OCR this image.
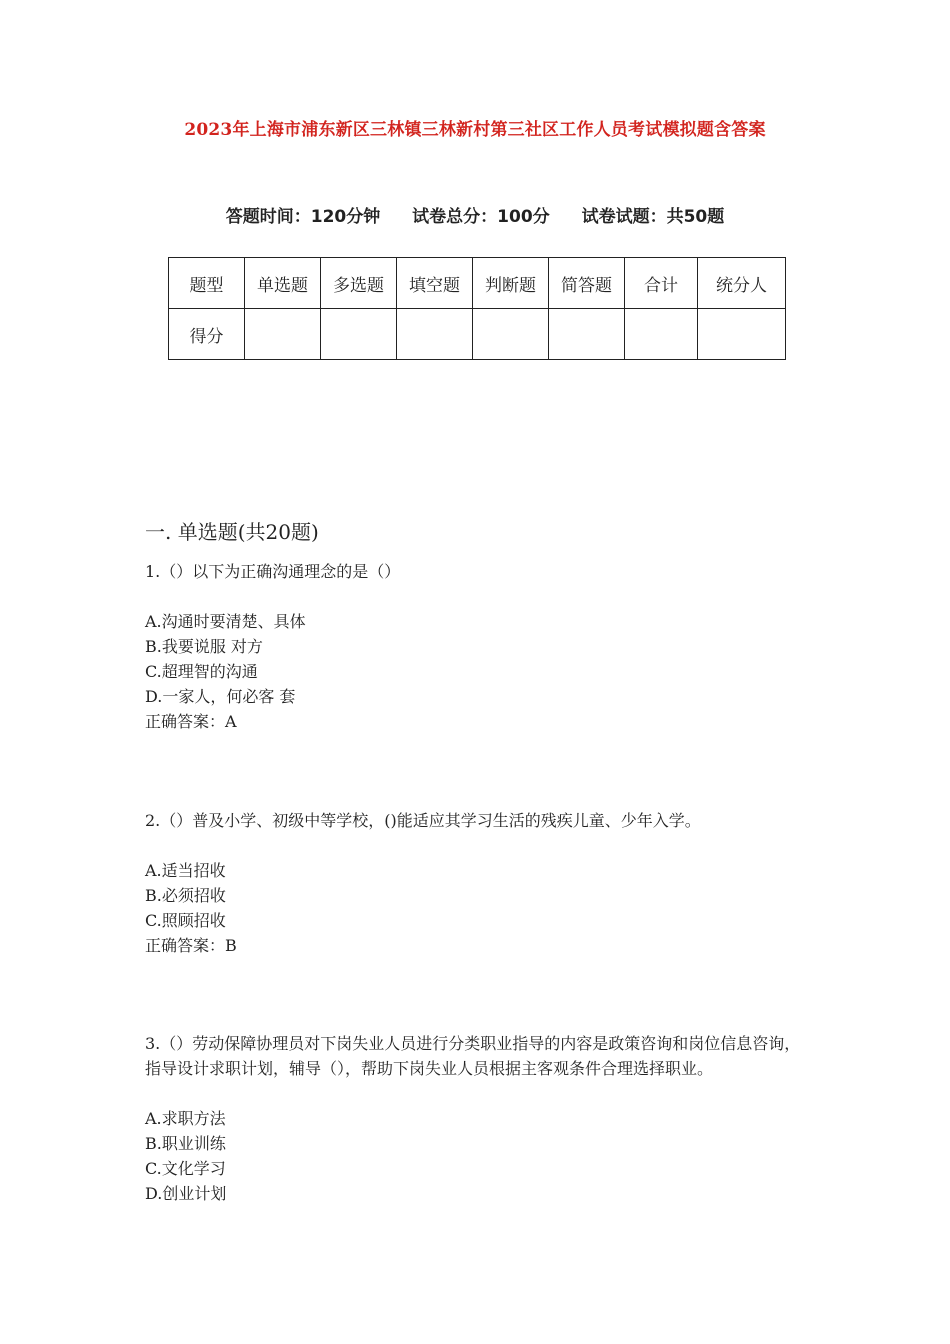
2023年上海市浦东新区三林镇三林新村第三社区工作人员考试模拟题含答案
答题时间：120分钟 试卷总分：100分 试卷试题：共50题
题型	单选题	多选题	填空题	判断题	简答题	合计	统分人
得分							
一. 单选题(共20题)

1.（）以下为正确沟通理念的是（）

A.沟通时要清楚、具体

B.我要说服 对方

C.超理智的沟通

D.一家人，何必客 套

正确答案：A

2.（）普及小学、初级中等学校，()能适应其学习生活的残疾儿童、少年入学。

A.适当招收

B.必须招收

C.照顾招收

正确答案：B

3.（）劳动保障协理员对下岗失业人员进行分类职业指导的内容是政策咨询和岗位信息咨询，指导设计求职计划，辅导（），帮助下岗失业人员根据主客观条件合理选择职业。

A.求职方法

B.职业训练

C.文化学习

D.创业计划
